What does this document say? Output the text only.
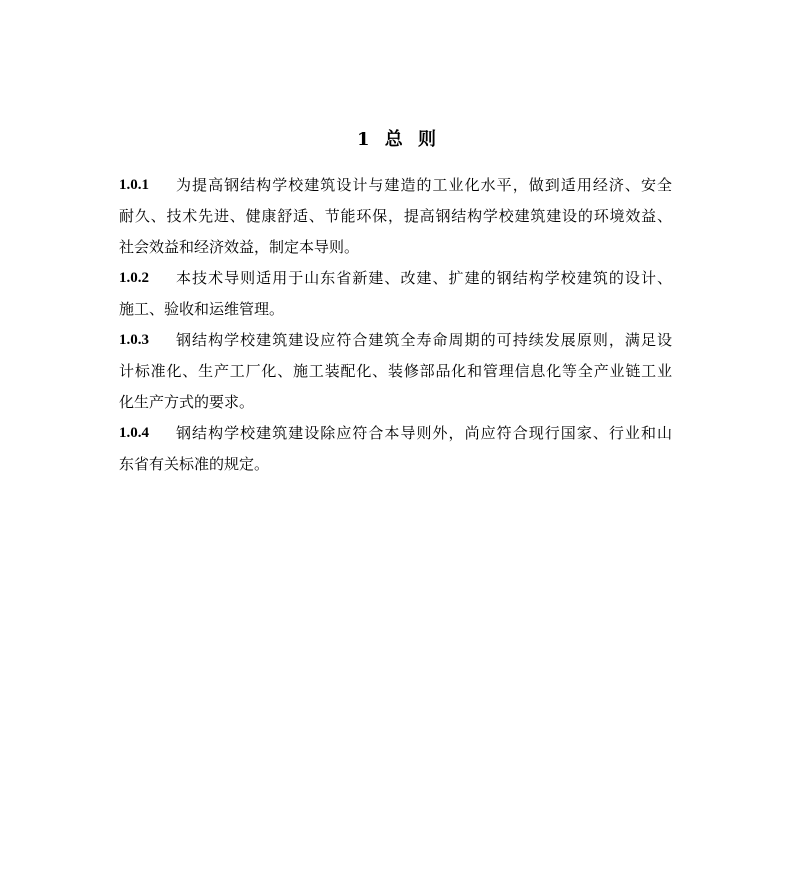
1 总 则
1.0.1	为提高钢结构学校建筑设计与建造的工业化水平，做到适用经济、安全
耐久、技术先进、健康舒适、节能环保，提高钢结构学校建筑建设的环境效益、
社会效益和经济效益，制定本导则。
1.0.2	本技术导则适用于山东省新建、改建、扩建的钢结构学校建筑的设计、
施工、验收和运维管理。
1.0.3	钢结构学校建筑建设应符合建筑全寿命周期的可持续发展原则，满足设
计标准化、生产工厂化、施工装配化、装修部品化和管理信息化等全产业链工业
化生产方式的要求。
1.0.4	钢结构学校建筑建设除应符合本导则外，尚应符合现行国家、行业和山
东省有关标准的规定。
